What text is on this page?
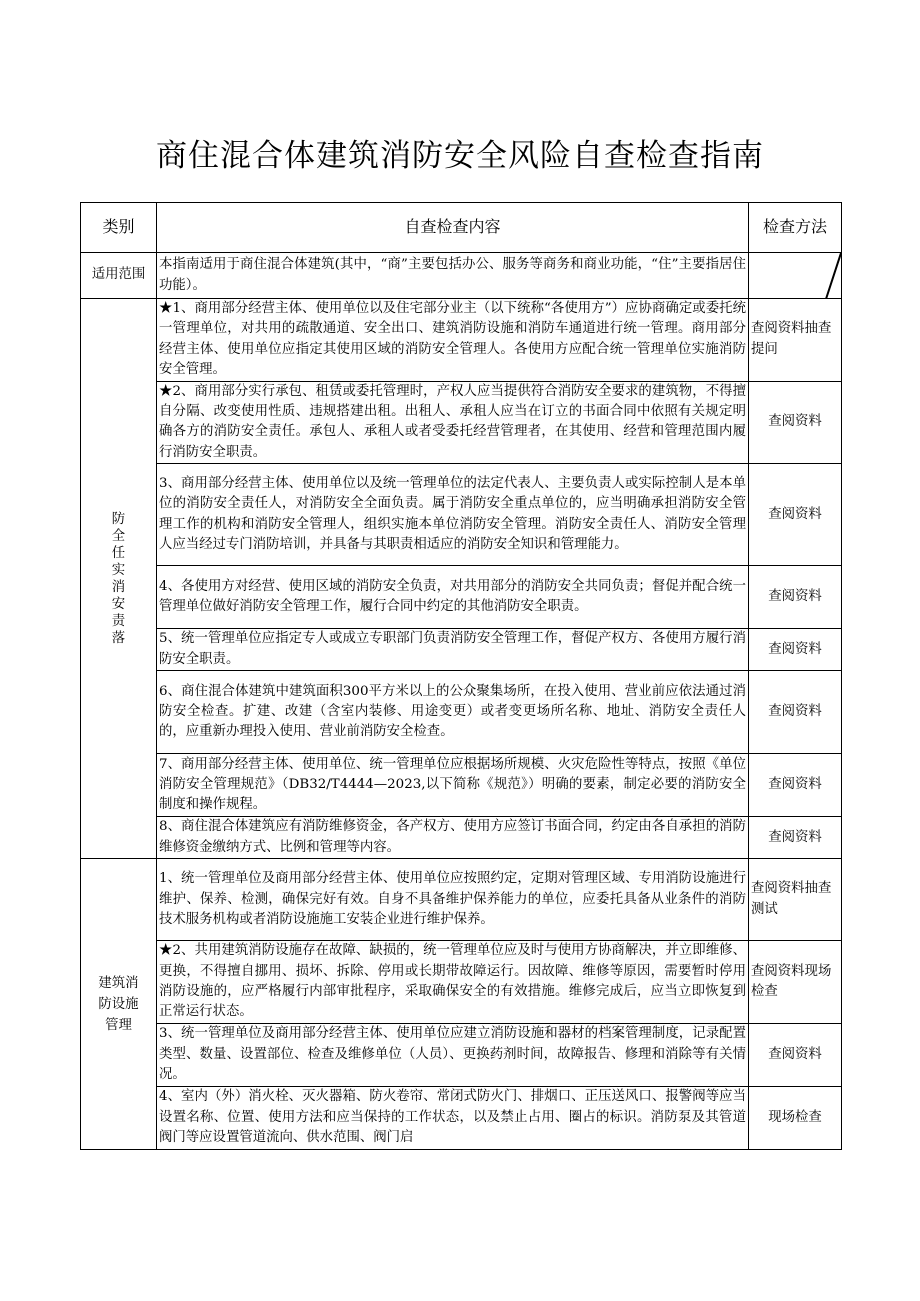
商住混合体建筑消防安全风险自查检查指南
类别	自查检查内容	检查方法
适用范围	本指南适用于商住混合体建筑(其中，“商”主要包括办公、服务等商务和商业功能，“住”主要指居住功能）。	

防全任实消安责落	★1、商用部分经营主体、使用单位以及住宅部分业主（以下统称“各使用方”）应协商确定或委托统一管理单位，对共用的疏散通道、安全出口、建筑消防设施和消防车通道进行统一管理。商用部分经营主体、使用单位应指定其使用区域的消防安全管理人。各使用方应配合统一管理单位实施消防安全管理。	查阅资料抽查提问
	★2、商用部分实行承包、租赁或委托管理时，产权人应当提供符合消防安全要求的建筑物，不得擅自分隔、改变使用性质、违规搭建出租。出租人、承租人应当在订立的书面合同中依照有关规定明确各方的消防安全责任。承包人、承租人或者受委托经营管理者，在其使用、经营和管理范围内履行消防安全职责。	查阅资料
	3、商用部分经营主体、使用单位以及统一管理单位的法定代表人、主要负责人或实际控制人是本单位的消防安全责任人，对消防安全全面负责。属于消防安全重点单位的，应当明确承担消防安全管理工作的机构和消防安全管理人，组织实施本单位消防安全管理。消防安全责任人、消防安全管理人应当经过专门消防培训，并具备与其职责相适应的消防安全知识和管理能力。	查阅资料
	4、各使用方对经营、使用区域的消防安全负责，对共用部分的消防安全共同负责；督促并配合统一管理单位做好消防安全管理工作，履行合同中约定的其他消防安全职责。	查阅资料
	5、统一管理单位应指定专人或成立专职部门负责消防安全管理工作，督促产权方、各使用方履行消防安全职责。	查阅资料
	6、商住混合体建筑中建筑面积300平方米以上的公众聚集场所，在投入使用、营业前应依法通过消防安全检查。扩建、改建（含室内装修、用途变更）或者变更场所名称、地址、消防安全责任人的，应重新办理投入使用、营业前消防安全检查。	查阅资料
	7、商用部分经营主体、使用单位、统一管理单位应根据场所规模、火灾危险性等特点，按照《单位消防安全管理规范》（DB32/T4444—2023,以下简称《规范》）明确的要素，制定必要的消防安全制度和操作规程。	查阅资料
	8、商住混合体建筑应有消防维修资金，各产权方、使用方应签订书面合同，约定由各自承担的消防维修资金缴纳方式、比例和管理等内容。	查阅资料
建筑消防设施管理	1、统一管理单位及商用部分经营主体、使用单位应按照约定，定期对管理区域、专用消防设施进行维护、保养、检测，确保完好有效。自身不具备维护保养能力的单位，应委托具备从业条件的消防技术服务机构或者消防设施施工安装企业进行维护保养。	查阅资料抽查测试
	★2、共用建筑消防设施存在故障、缺损的，统一管理单位应及时与使用方协商解决，并立即维修、更换，不得擅自挪用、损坏、拆除、停用或长期带故障运行。因故障、维修等原因，需要暂时停用消防设施的，应严格履行内部审批程序，采取确保安全的有效措施。维修完成后，应当立即恢复到正常运行状态。	查阅资料现场检查
	3、统一管理单位及商用部分经营主体、使用单位应建立消防设施和器材的档案管理制度，记录配置类型、数量、设置部位、检查及维修单位（人员）、更换药剂时间，故障报告、修理和消除等有关情况。	查阅资料
	4、室内（外）消火栓、灭火器箱、防火卷帘、常闭式防火门、排烟口、正压送风口、报警阀等应当设置名称、位置、使用方法和应当保持的工作状态，以及禁止占用、圈占的标识。消防泵及其管道阀门等应设置管道流向、供水范围、阀门启	现场检查
